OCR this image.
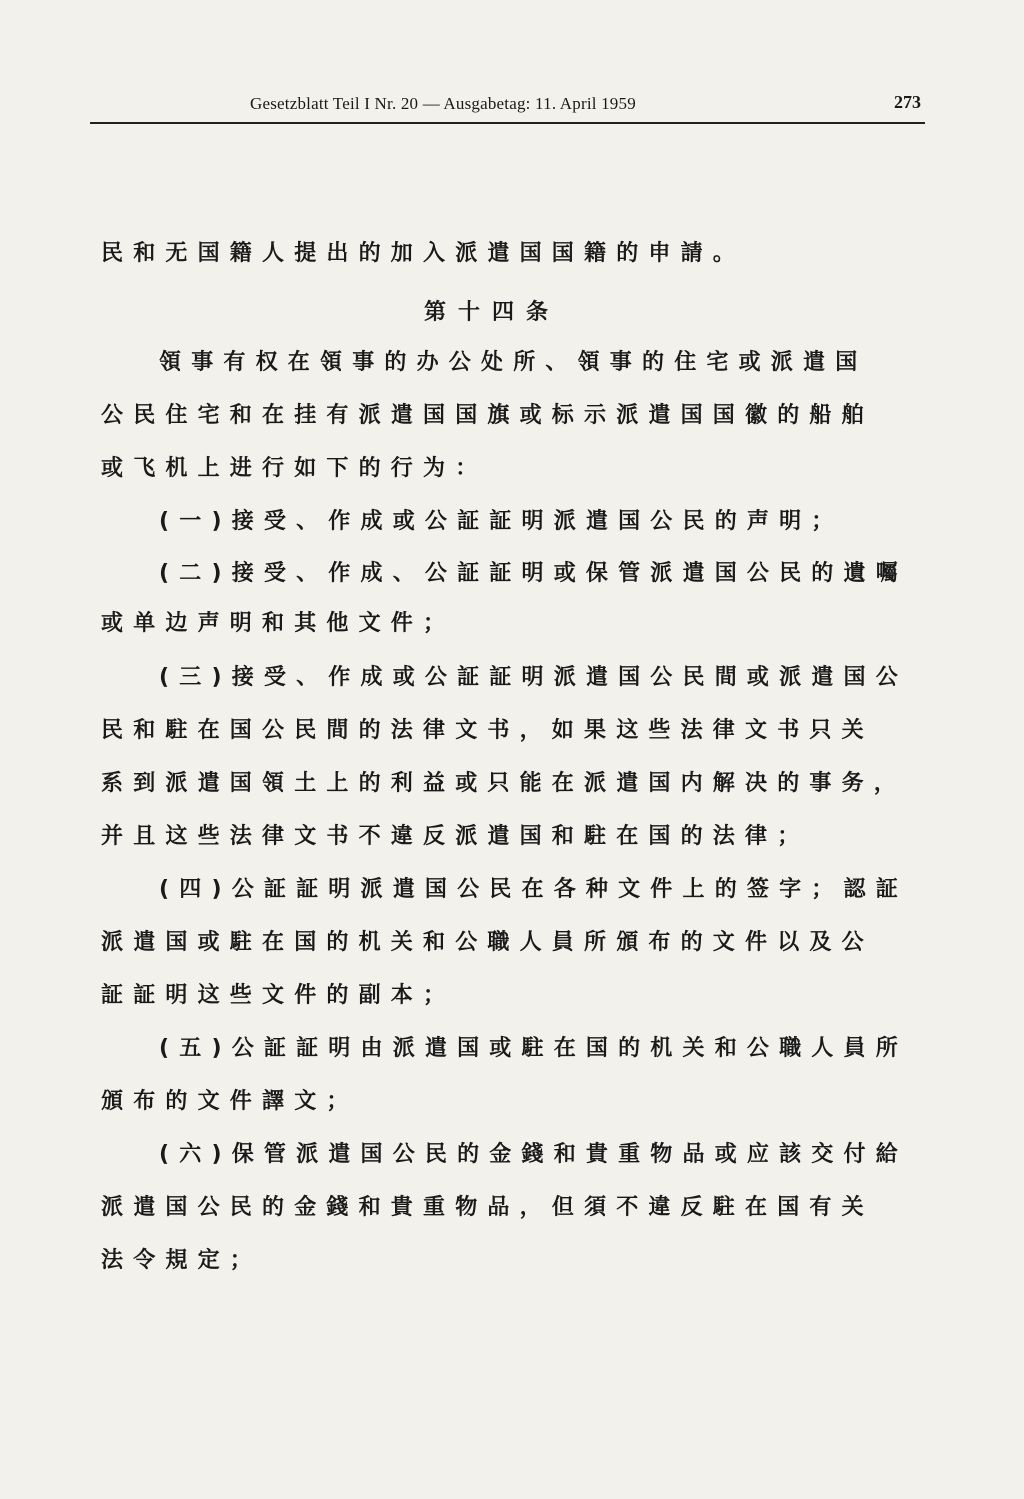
Gesetzblatt Teil I Nr. 20 — Ausgabetag: 11. April 1959	273
民和无国籍人提出的加入派遣国国籍的申請。
第十四条
領事有权在領事的办公处所、領事的住宅或派遣国
公民住宅和在挂有派遣国国旗或标示派遣国国徽的船舶
或飞机上进行如下的行为：
(一)接受、作成或公証証明派遣国公民的声明；
(二)接受、作成、公証証明或保管派遣国公民的遺囑
或单边声明和其他文件；
(三)接受、作成或公証証明派遣国公民間或派遣国公
民和駐在国公民間的法律文书，如果这些法律文书只关
系到派遣国領土上的利益或只能在派遣国内解决的事务，
并且这些法律文书不違反派遣国和駐在国的法律；
(四)公証証明派遣国公民在各种文件上的签字；認証
派遣国或駐在国的机关和公職人員所頒布的文件以及公
証証明这些文件的副本；
(五)公証証明由派遣国或駐在国的机关和公職人員所
頒布的文件譯文；
(六)保管派遣国公民的金錢和貴重物品或应該交付給
派遣国公民的金錢和貴重物品，但須不違反駐在国有关
法令規定；
